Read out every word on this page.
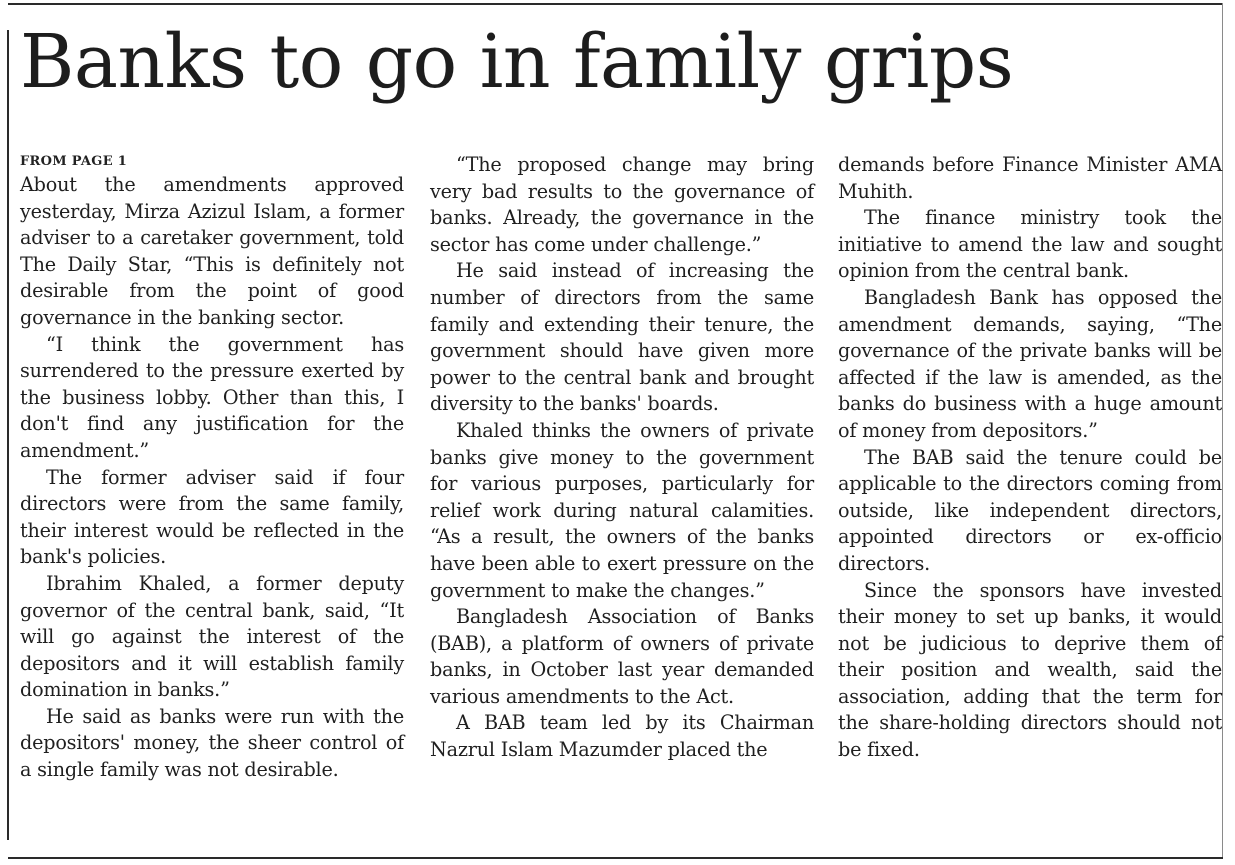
Banks to go in family grips
FROM PAGE 1

About the amendments approved yesterday, Mirza Azizul Islam, a former adviser to a caretaker government, told The Daily Star, “This is definitely not desirable from the point of good governance in the banking sector.

“I think the government has surrendered to the pressure exerted by the business lobby. Other than this, I don't find any justification for the amendment.”

The former adviser said if four directors were from the same family, their interest would be reflected in the bank's policies.

Ibrahim Khaled, a former deputy governor of the central bank, said, “It will go against the interest of the depositors and it will establish family domination in banks.”

He said as banks were run with the depositors' money, the sheer control of a single family was not desirable.

“The proposed change may bring very bad results to the governance of banks. Already, the governance in the sector has come under challenge.”

He said instead of increasing the number of directors from the same family and extending their tenure, the government should have given more power to the central bank and brought diversity to the banks' boards.

Khaled thinks the owners of private banks give money to the government for various purposes, particularly for relief work during natural calamities. “As a result, the owners of the banks have been able to exert pressure on the government to make the changes.”

Bangladesh Association of Banks (BAB), a platform of owners of private banks, in October last year demanded various amendments to the Act.

A BAB team led by its Chairman Nazrul Islam Mazumder placed the

demands before Finance Minister AMA Muhith.

The finance ministry took the initiative to amend the law and sought opinion from the central bank.

Bangladesh Bank has opposed the amendment demands, saying, “The governance of the private banks will be affected if the law is amended, as the banks do business with a huge amount of money from depositors.”

The BAB said the tenure could be applicable to the directors coming from outside, like independent directors, appointed directors or ex-officio directors.

Since the sponsors have invested their money to set up banks, it would not be judicious to deprive them of their position and wealth, said the association, adding that the term for the share-holding directors should not be fixed.
